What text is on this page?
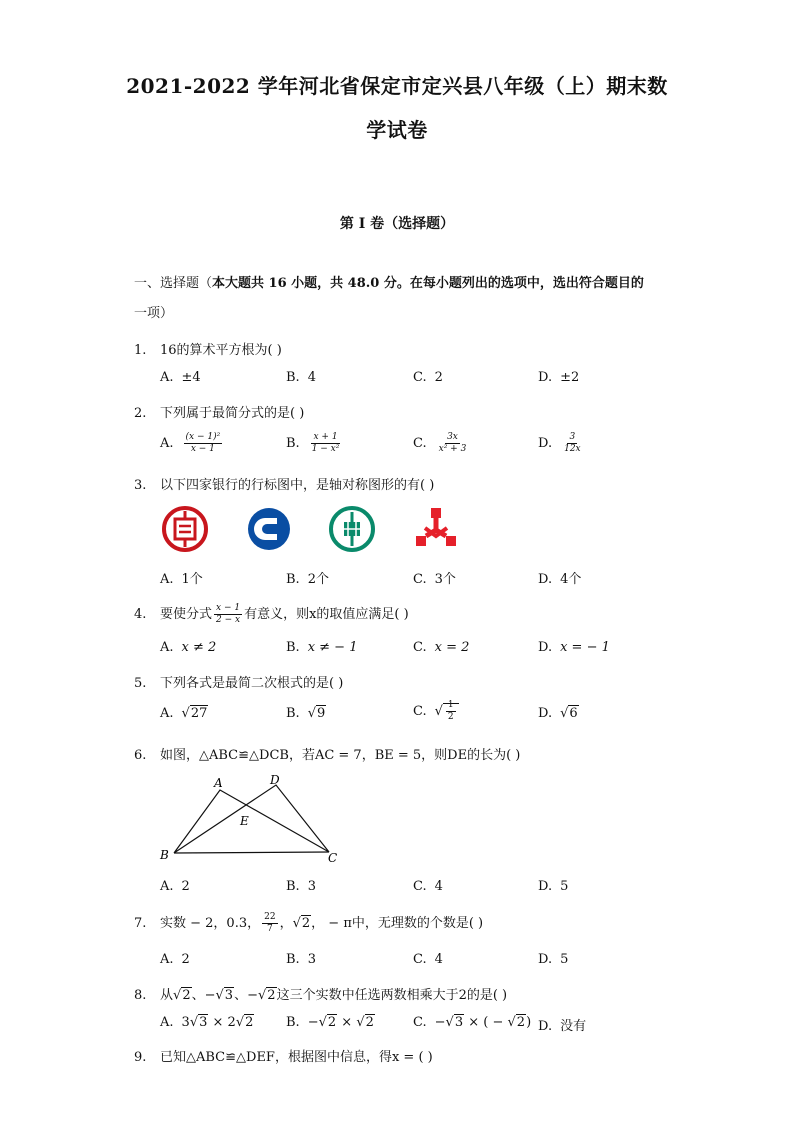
2021-2022 学年河北省保定市定兴县八年级（上）期末数
学试卷
第 I 卷（选择题）
一、选择题（本大题共 16 小题，共 48.0 分。在每小题列出的选项中，选出符合题目的
一项）
1. 16的算术平方根为( )
A. ±4	B. 4	C. 2	D. ±2
2. 下列属于最简分式的是( )
A. $\frac{\text{(x − 1)²}}{x - 1}$	B. $\frac{x + 1}{\text{1 − x²}}$	C. $\frac{3x}{\text{x² + 3}}$	D. $\frac{3}{12x}$
3. 以下四家银行的行标图中，是轴对称图形的有( )
A. 1个	B. 2个	C. 3个	D. 4个
4. 要使分式 $\frac{x - 1}{2 - x}$ 有意义，则x的取值应满足( )
A. x ≠ 2	B. x ≠ − 1	C. x = 2	D. x = − 1
5. 下列各式是最简二次根式的是( )
A. √27	B. √9	C. √ $\frac{1}{2}$	D. √6
6. 如图，△ABC≌△DCB，若AC = 7，BE = 5，则DE的长为( )
A	D
E
B	C
A. 2	B. 3	C. 4	D. 5
7. 实数 − 2，0.3， $\frac{22}{7}$ ，√2， − π中，无理数的个数是( )
A. 2	B. 3	C. 4	D. 5
8. 从√2、−√3、−√2这三个实数中任选两数相乘大于2的是( )
A. 3√3 × 2√2	B. −√2 × √2	C. −√3 × ( − √2) D. 没有
9. 已知△ABC≌△DEF，根据图中信息，得x = ( )
